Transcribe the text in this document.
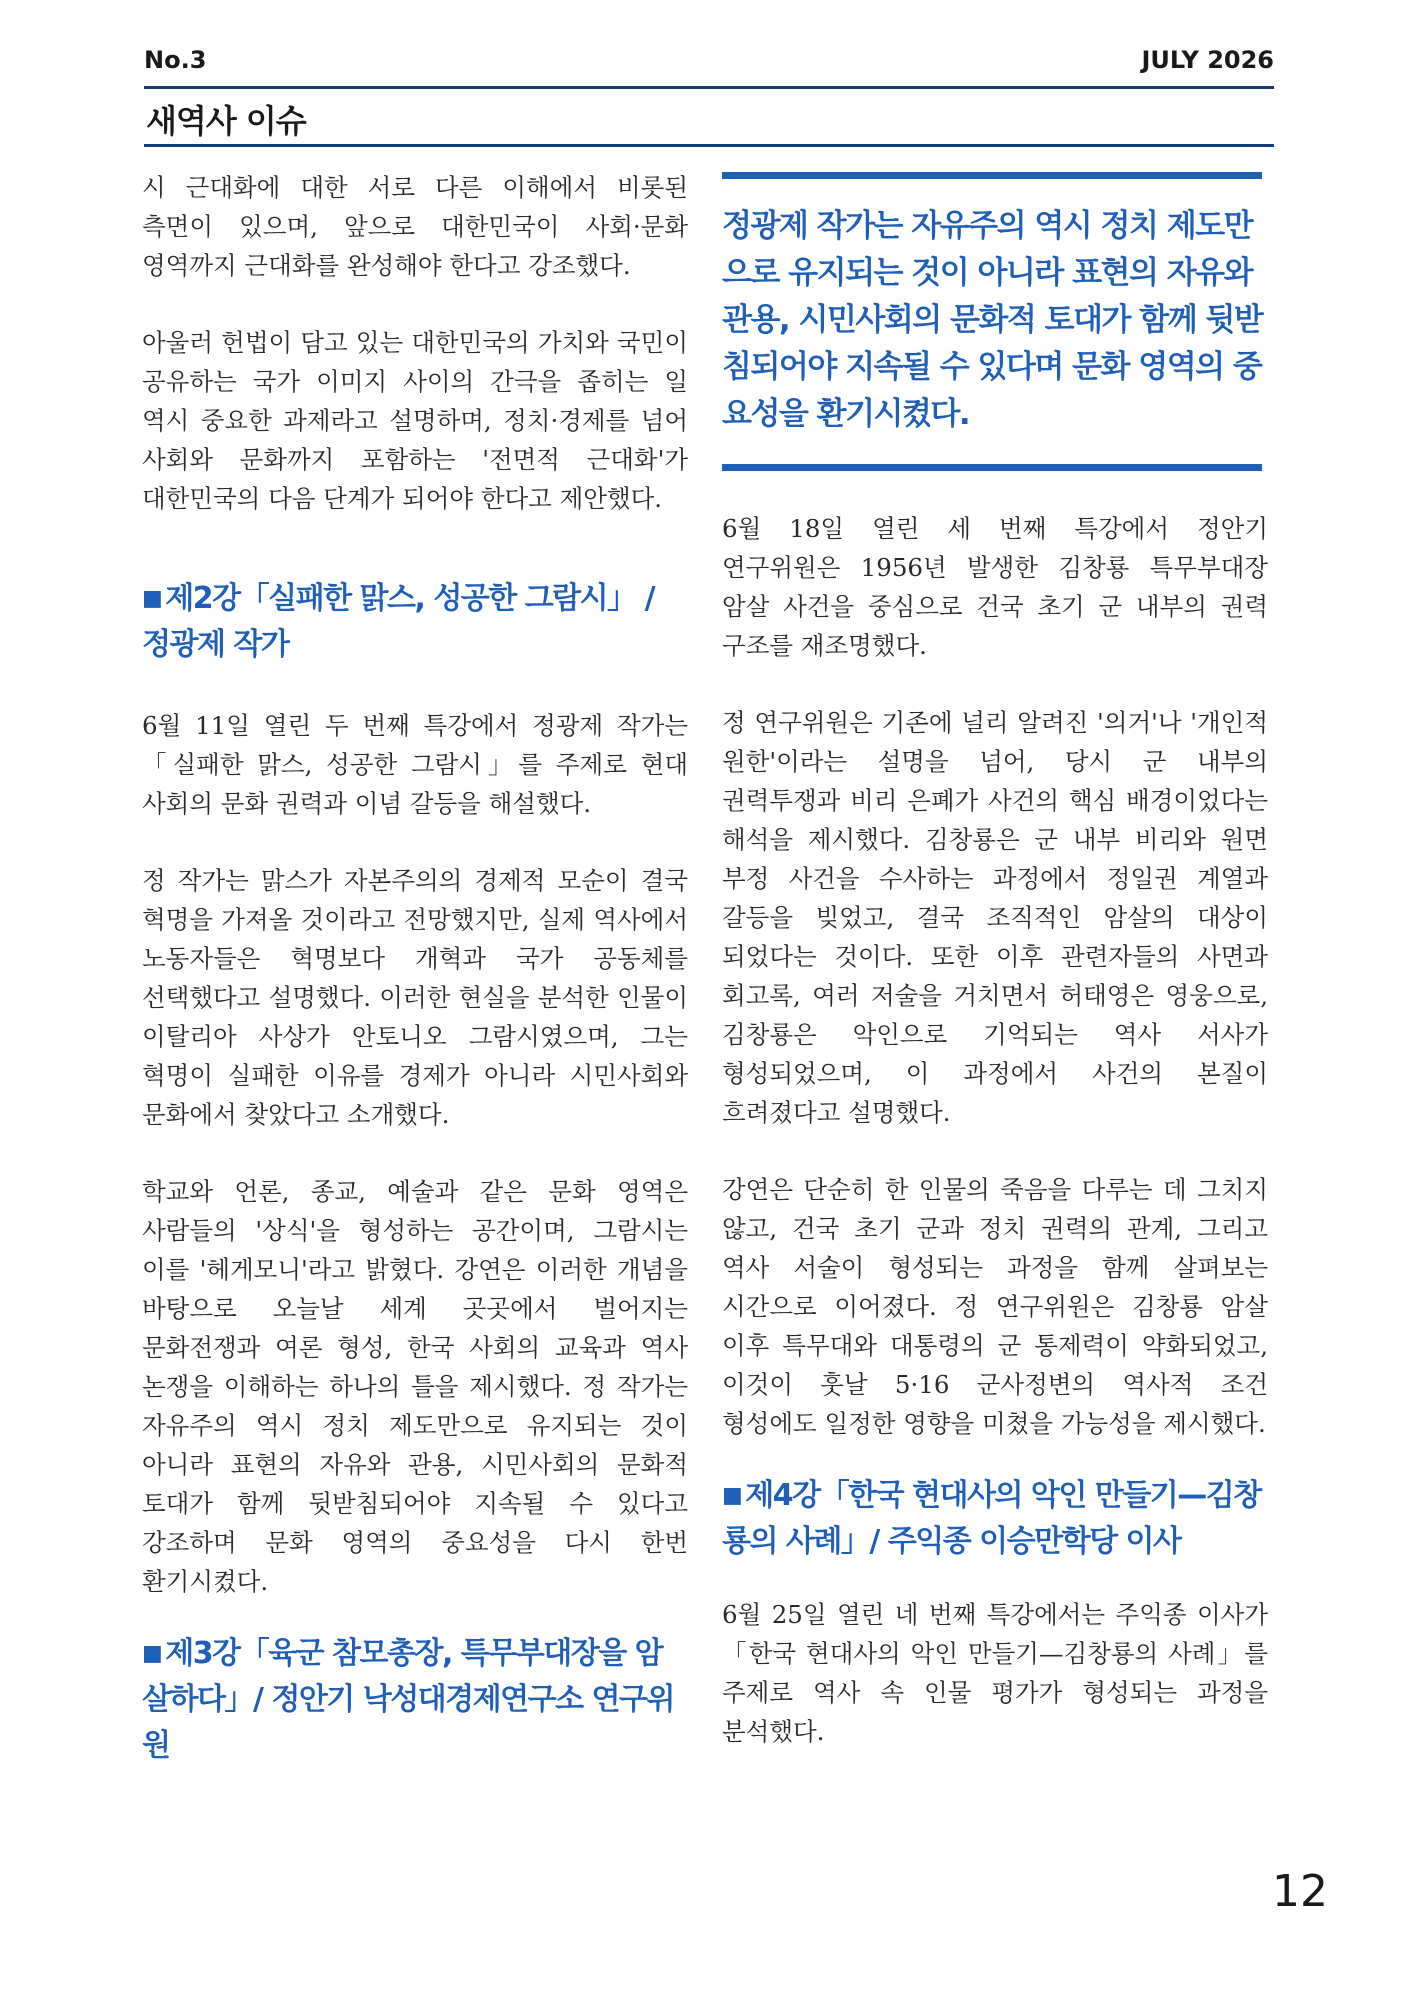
No.3	JULY 2026
새역사 이슈

시 근대화에 대한 서로 다른 이해에서 비롯된 측면이 있으며, 앞으로 대한민국이 사회·문화 영역까지 근대화를 완성해야 한다고 강조했다.

아울러 헌법이 담고 있는 대한민국의 가치와 국민이 공유하는 국가 이미지 사이의 간극을 좁히는 일 역시 중요한 과제라고 설명하며, 정치·경제를 넘어 사회와 문화까지 포함하는 '전면적 근대화'가 대한민국의 다음 단계가 되어야 한다고 제안했다.

■ 제2강「실패한 맑스, 성공한 그람시」 / 정광제 작가

6월 11일 열린 두 번째 특강에서 정광제 작가는「실패한 맑스, 성공한 그람시」를 주제로 현대 사회의 문화 권력과 이념 갈등을 해설했다.

정 작가는 맑스가 자본주의의 경제적 모순이 결국 혁명을 가져올 것이라고 전망했지만, 실제 역사에서 노동자들은 혁명보다 개혁과 국가 공동체를 선택했다고 설명했다. 이러한 현실을 분석한 인물이 이탈리아 사상가 안토니오 그람시였으며, 그는 혁명이 실패한 이유를 경제가 아니라 시민사회와 문화에서 찾았다고 소개했다.

학교와 언론, 종교, 예술과 같은 문화 영역은 사람들의 '상식'을 형성하는 공간이며, 그람시는 이를 '헤게모니'라고 밝혔다. 강연은 이러한 개념을 바탕으로 오늘날 세계 곳곳에서 벌어지는 문화전쟁과 여론 형성, 한국 사회의 교육과 역사 논쟁을 이해하는 하나의 틀을 제시했다. 정 작가는 자유주의 역시 정치 제도만으로 유지되는 것이 아니라 표현의 자유와 관용, 시민사회의 문화적 토대가 함께 뒷받침되어야 지속될 수 있다고 강조하며 문화 영역의 중요성을 다시 한번 환기시켰다.

■ 제3강「육군 참모총장, 특무부대장을 암살하다」/ 정안기 낙성대경제연구소 연구위원

정광제 작가는 자유주의 역시 정치 제도만으로 유지되는 것이 아니라 표현의 자유와 관용, 시민사회의 문화적 토대가 함께 뒷받침되어야 지속될 수 있다며 문화 영역의 중요성을 환기시켰다.

6월 18일 열린 세 번째 특강에서 정안기 연구위원은 1956년 발생한 김창룡 특무부대장 암살 사건을 중심으로 건국 초기 군 내부의 권력 구조를 재조명했다.

정 연구위원은 기존에 널리 알려진 '의거'나 '개인적 원한'이라는 설명을 넘어, 당시 군 내부의 권력투쟁과 비리 은폐가 사건의 핵심 배경이었다는 해석을 제시했다. 김창룡은 군 내부 비리와 원면 부정 사건을 수사하는 과정에서 정일권 계열과 갈등을 빚었고, 결국 조직적인 암살의 대상이 되었다는 것이다. 또한 이후 관련자들의 사면과 회고록, 여러 저술을 거치면서 허태영은 영웅으로, 김창룡은 악인으로 기억되는 역사 서사가 형성되었으며, 이 과정에서 사건의 본질이 흐려졌다고 설명했다.

강연은 단순히 한 인물의 죽음을 다루는 데 그치지 않고, 건국 초기 군과 정치 권력의 관계, 그리고 역사 서술이 형성되는 과정을 함께 살펴보는 시간으로 이어졌다. 정 연구위원은 김창룡 암살 이후 특무대와 대통령의 군 통제력이 약화되었고, 이것이 훗날 5·16 군사정변의 역사적 조건 형성에도 일정한 영향을 미쳤을 가능성을 제시했다.

■ 제4강「한국 현대사의 악인 만들기—김창룡의 사례」/ 주익종 이승만학당 이사

6월 25일 열린 네 번째 특강에서는 주익종 이사가「한국 현대사의 악인 만들기—김창룡의 사례」를 주제로 역사 속 인물 평가가 형성되는 과정을 분석했다.

12
